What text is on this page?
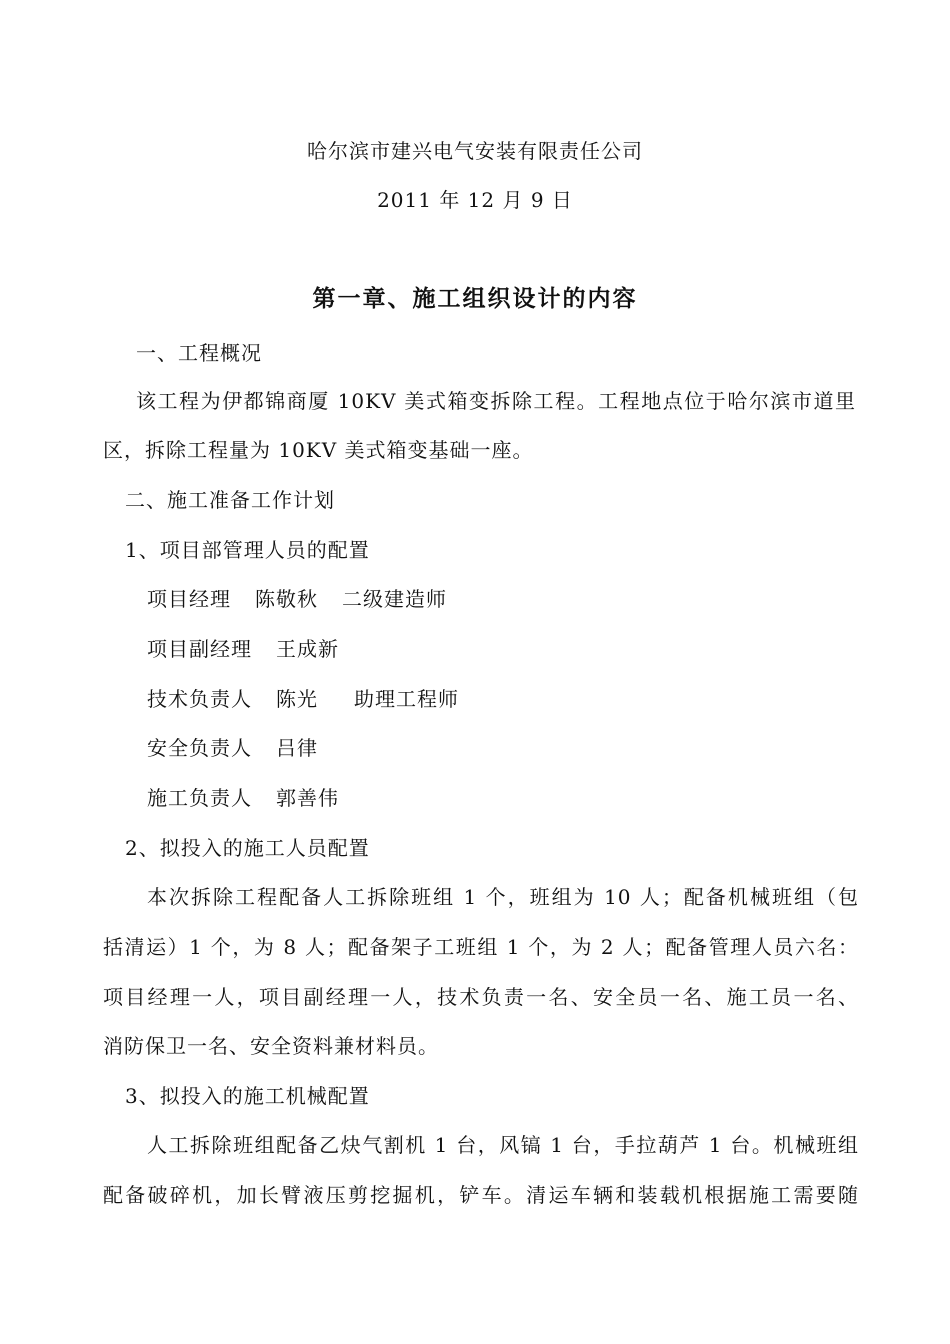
哈尔滨市建兴电气安装有限责任公司
2011 年 12 月 9 日
第一章、施工组织设计的内容
一、工程概况
该工程为伊都锦商厦 10KV 美式箱变拆除工程。工程地点位于哈尔滨市道里
区，拆除工程量为 10KV 美式箱变基础一座。
二、施工准备工作计划
1、项目部管理人员的配置
项目经理 陈敬秋 二级建造师
项目副经理 王成新
技术负责人 陈光 助理工程师
安全负责人 吕律
施工负责人 郭善伟
2、拟投入的施工人员配置
本次拆除工程配备人工拆除班组 1 个，班组为 10 人；配备机械班组（包
括清运）1 个，为 8 人；配备架子工班组 1 个，为 2 人；配备管理人员六名：
项目经理一人，项目副经理一人，技术负责一名、安全员一名、施工员一名、
消防保卫一名、安全资料兼材料员。
3、拟投入的施工机械配置
人工拆除班组配备乙炔气割机 1 台，风镐 1 台，手拉葫芦 1 台。机械班组
配备破碎机，加长臂液压剪挖掘机，铲车。清运车辆和装载机根据施工需要随
